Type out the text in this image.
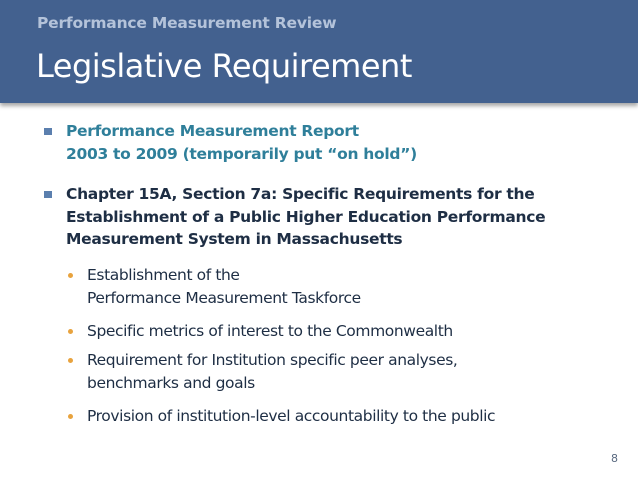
Performance Measurement Review
Legislative Requirement
Performance Measurement Report
2003 to 2009 (temporarily put “on hold”)
Chapter 15A, Section 7a: Specific Requirements for the
Establishment of a Public Higher Education Performance
Measurement System in Massachusetts
Establishment of the
Performance Measurement Taskforce
Specific metrics of interest to the Commonwealth
Requirement for Institution specific peer analyses,
benchmarks and goals
Provision of institution-level accountability to the public
8
